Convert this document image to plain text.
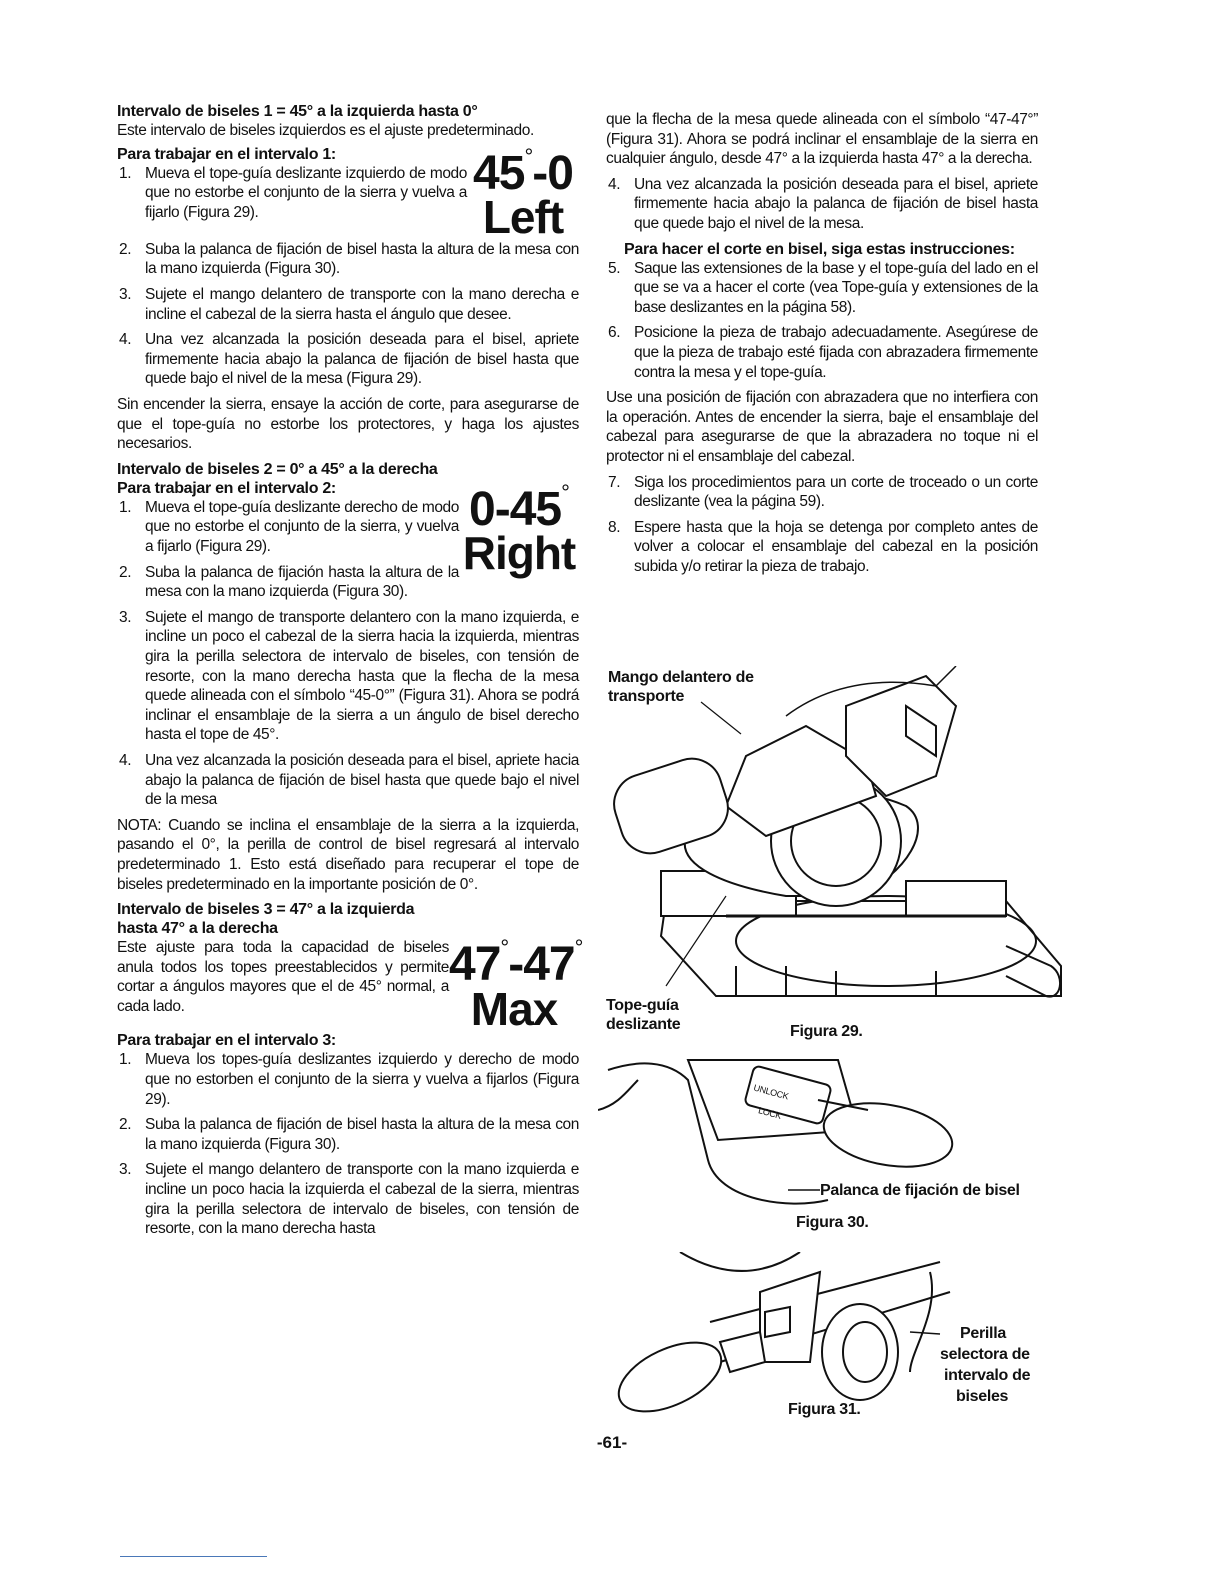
Intervalo de biseles 1 = 45° a la izquierda hasta 0°

Este intervalo de biseles izquierdos es el ajuste predeterminado.

Para trabajar en el intervalo 1:
1. Mueva el tope-guía deslizante izquierdo de modo que no estorbe el conjunto de la sierra y vuelva a fijarlo (Figura 29).
45°-0
Left
2. Suba la palanca de fijación de bisel hasta la altura de la mesa con la mano izquierda (Figura 30).
3. Sujete el mango delantero de transporte con la mano derecha e incline el cabezal de la sierra hasta el ángulo que desee.
4. Una vez alcanzada la posición deseada para el bisel, apriete firmemente hacia abajo la palanca de fijación de bisel hasta que quede bajo el nivel de la mesa (Figura 29).

Sin encender la sierra, ensaye la acción de corte, para asegurarse de que el tope-guía no estorbe los protectores, y haga los ajustes necesarios.

Intervalo de biseles 2 = 0° a 45° a la derecha
Para trabajar en el intervalo 2:
1. Mueva el tope-guía deslizante derecho de modo que no estorbe el conjunto de la sierra, y vuelva a fijarlo (Figura 29).
2. Suba la palanca de fijación hasta la altura de la mesa con la mano izquierda (Figura 30).
0-45°
Right
3. Sujete el mango de transporte delantero con la mano izquierda, e incline un poco el cabezal de la sierra hacia la izquierda, mientras gira la perilla selectora de intervalo de biseles, con tensión de resorte, con la mano derecha hasta que la flecha de la mesa quede alineada con el símbolo “45-0°” (Figura 31). Ahora se podrá inclinar el ensamblaje de la sierra a un ángulo de bisel derecho hasta el tope de 45°.
4. Una vez alcanzada la posición deseada para el bisel, apriete hacia abajo la palanca de fijación de bisel hasta que quede bajo el nivel de la mesa

NOTA: Cuando se inclina el ensamblaje de la sierra a la izquierda, pasando el 0°, la perilla de control de bisel regresará al intervalo predeterminado 1. Esto está diseñado para recuperar el tope de biseles predeterminado en la importante posición de 0°.

Intervalo de biseles 3 = 47° a la izquierda
hasta 47° a la derecha

Este ajuste para toda la capacidad de biseles anula todos los topes preestablecidos y permite cortar a ángulos mayores que el de 45° normal, a cada lado.

47°-47°
Max
Para trabajar en el intervalo 3:
1. Mueva los topes-guía deslizantes izquierdo y derecho de modo que no estorben el conjunto de la sierra y vuelva a fijarlos (Figura 29).
2. Suba la palanca de fijación de bisel hasta la altura de la mesa con la mano izquierda (Figura 30).
3. Sujete el mango delantero de transporte con la mano izquierda e incline un poco hacia la izquierda el cabezal de la sierra, mientras gira la perilla selectora de intervalo de biseles, con tensión de resorte, con la mano derecha hasta

que la flecha de la mesa quede alineada con el símbolo “47-47°” (Figura 31). Ahora se podrá inclinar el ensamblaje de la sierra en cualquier ángulo, desde 47° a la izquierda hasta 47° a la derecha.

4. Una vez alcanzada la posición deseada para el bisel, apriete firmemente hacia abajo la palanca de fijación de bisel hasta que quede bajo el nivel de la mesa.
Para hacer el corte en bisel, siga estas instrucciones:
5. Saque las extensiones de la base y el tope-guía del lado en el que se va a hacer el corte (vea Tope-guía y extensiones de la base deslizantes en la página 58).
6. Posicione la pieza de trabajo adecuadamente. Asegúrese de que la pieza de trabajo esté fijada con abrazadera firmemente contra la mesa y el tope-guía.

Use una posición de fijación con abrazadera que no interfiera con la operación. Antes de encender la sierra, baje el ensamblaje del cabezal para asegurarse de que la abrazadera no toque ni el protector ni el ensamblaje del cabezal.

7. Siga los procedimientos para un corte de troceado o un corte deslizante (vea la página 59).
8. Espere hasta que la hoja se detenga por completo antes de volver a colocar el ensamblaje del cabezal en la posición subida y/o retirar la pieza de trabajo.
Mango delantero de
transporte
Tope-guía
deslizante	Figura 29.
UNLOCK
LOCK
Palanca de fijación de bisel
Figura 30.
Perilla
selectora de
intervalo de
biseles
Figura 31.
-61-
